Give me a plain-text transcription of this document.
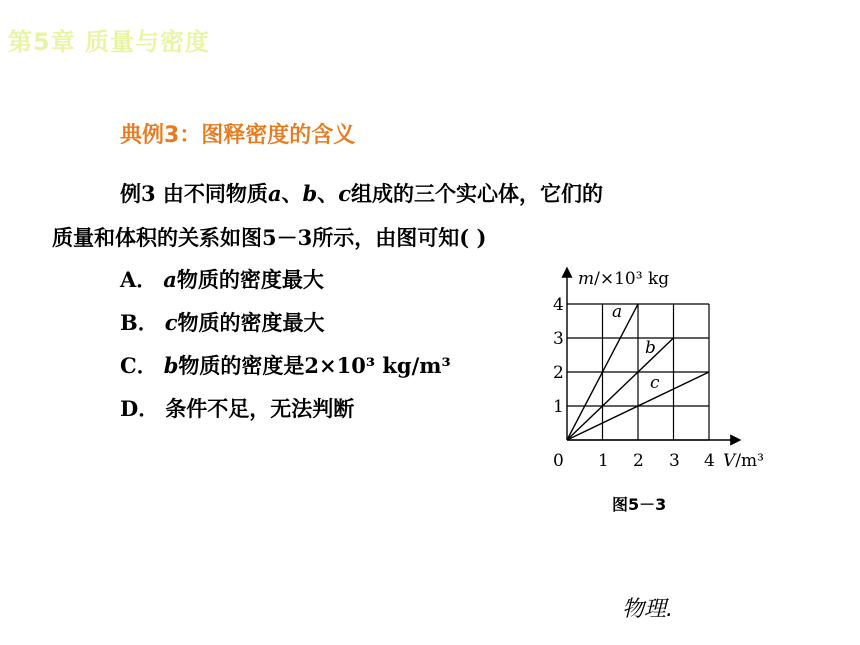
第5章 质量与密度
典例3：图释密度的含义
例3 由不同物质a、b、c组成的三个实心体，它们的
质量和体积的关系如图5－3所示，由图可知( )
A． a物质的密度最大
B． c物质的密度最大
C． b物质的密度是2×10³ kg/m³
D． 条件不足，无法判断
0 1 2 3 4
1
2
3
4
V/m³
m/×10³ kg
a
b
c
图5－3
物理.
